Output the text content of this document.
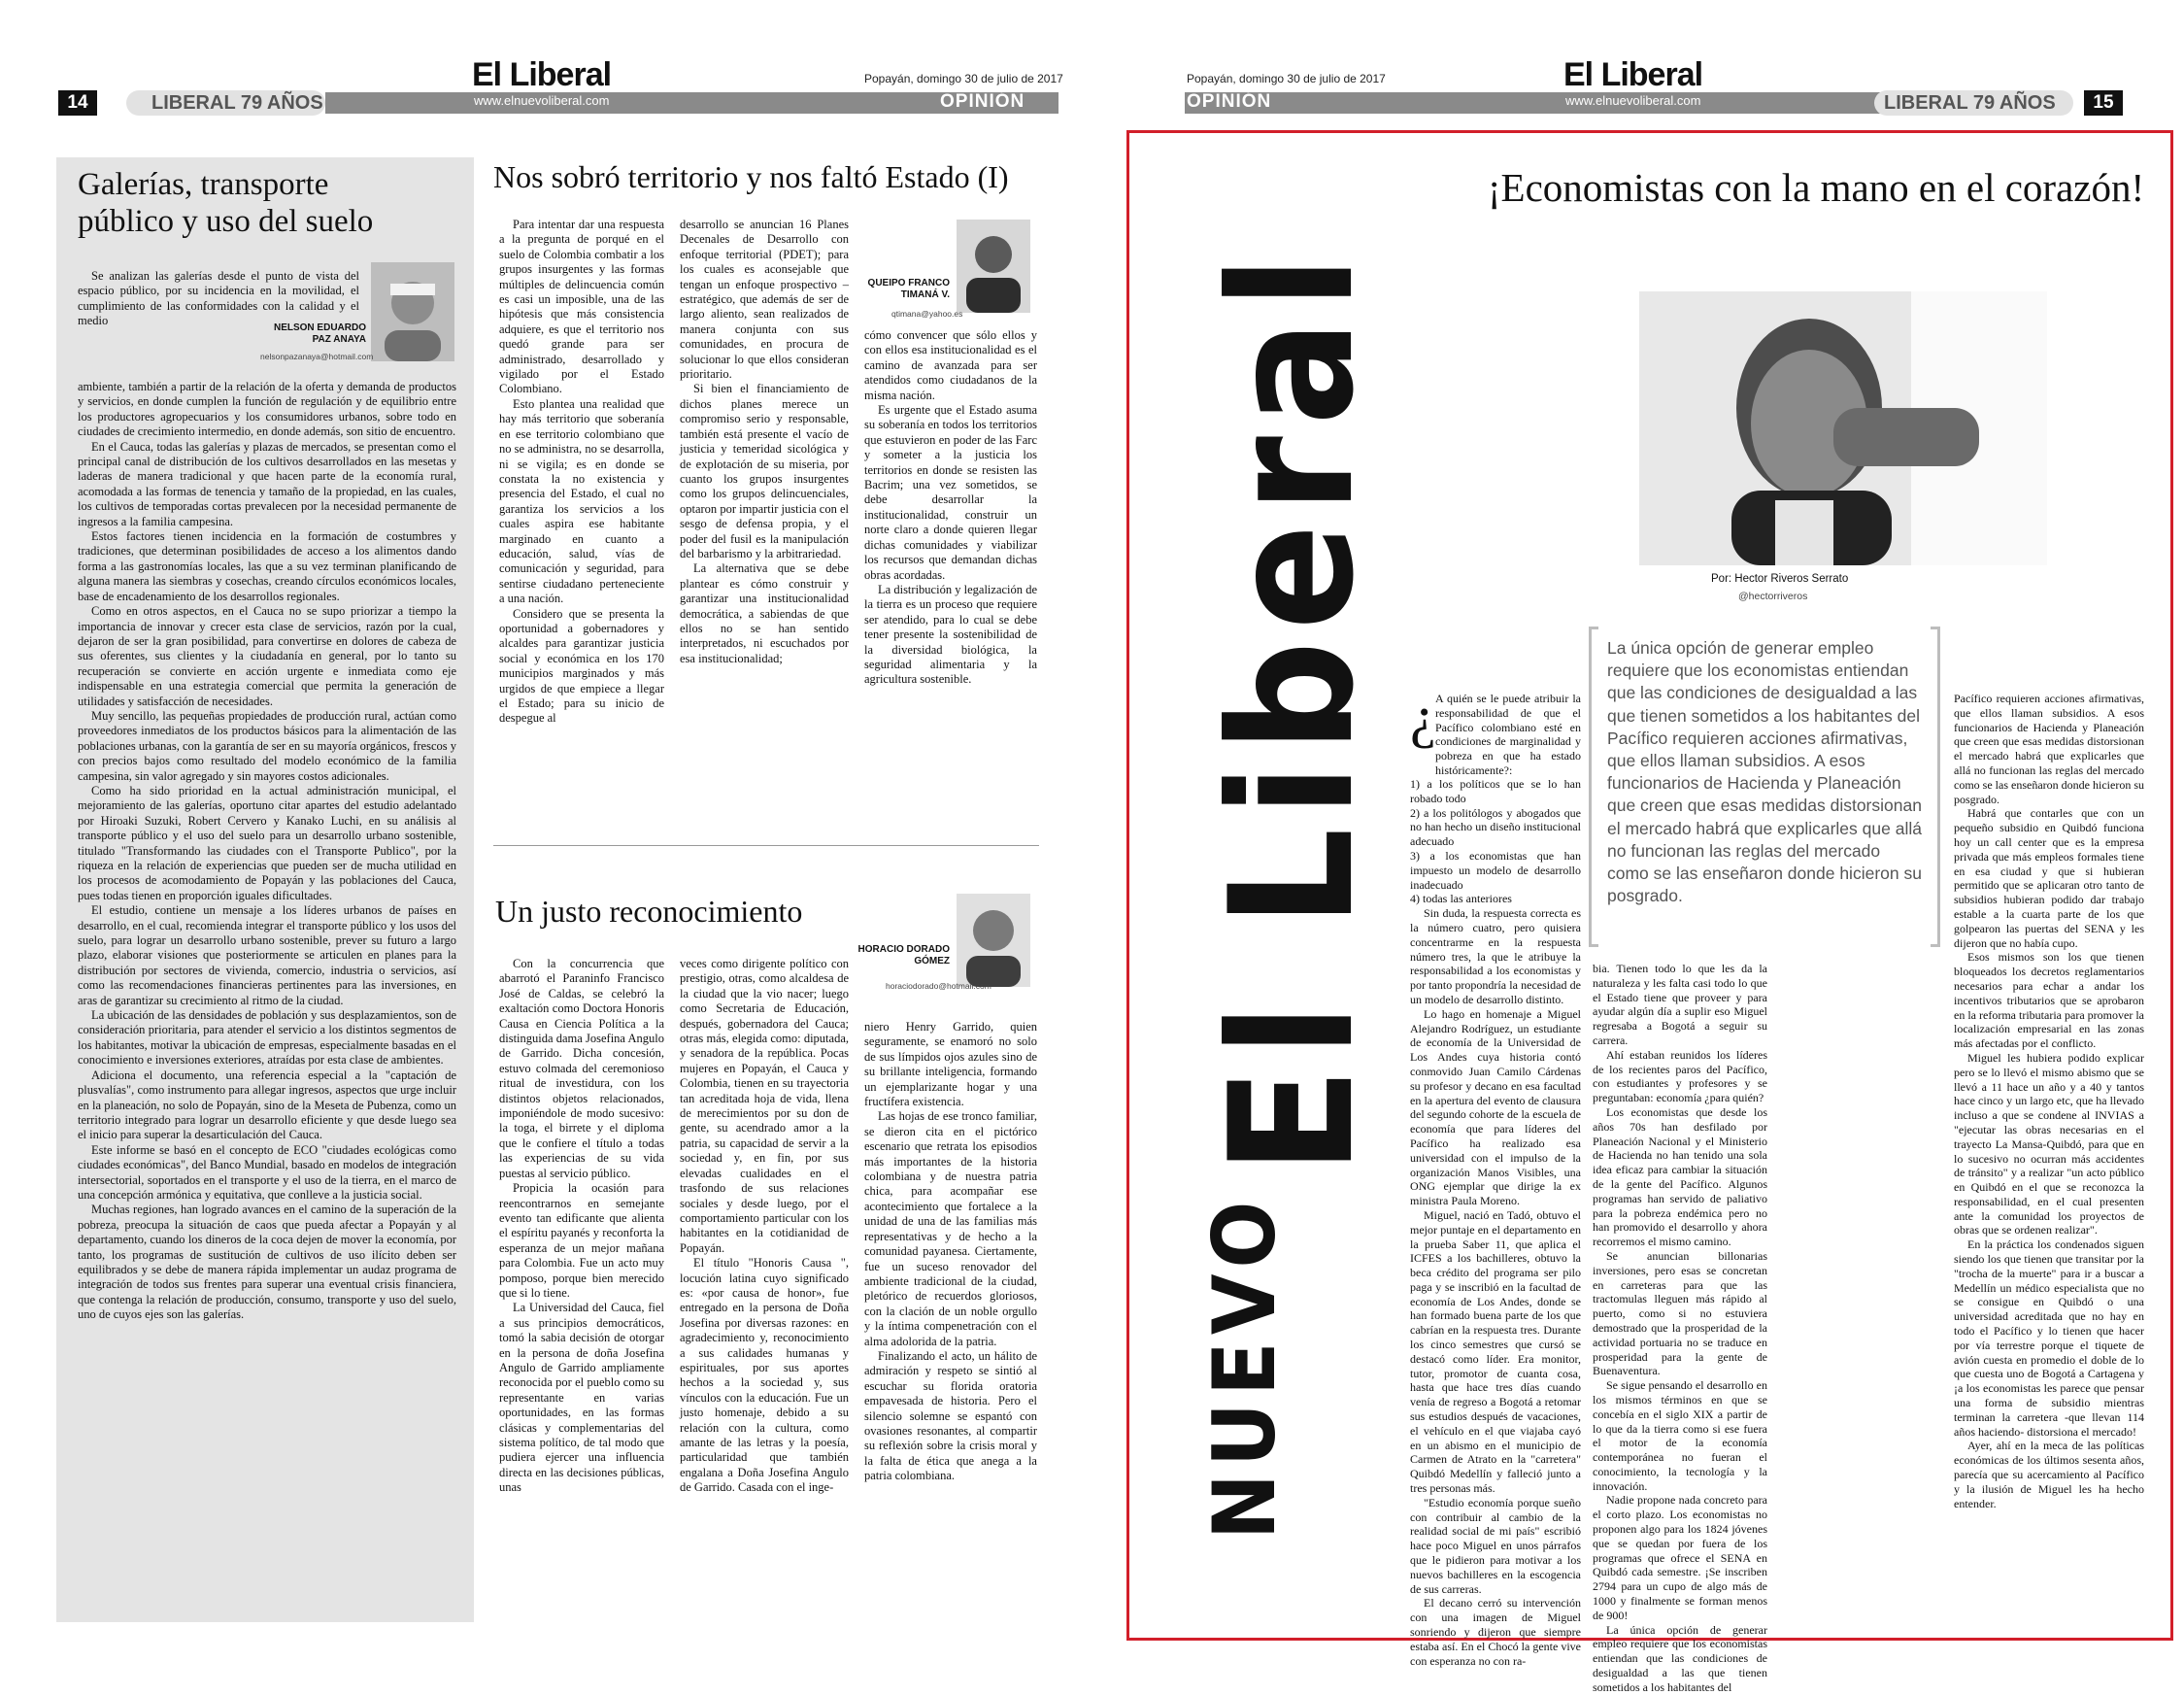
LIBERAL 79 AÑOS
14	www.elnuevoliberal.com	OPINIÓN
El Liberal	Popayán, domingo 30 de julio de 2017
Galerías, transporte público y uso del suelo
NELSON EDUARDO PAZ ANAYA
nelsonpazanaya@hotmail.com

Se analizan las galerías desde el punto de vista del espacio público, por su incidencia en la movilidad, el cumplimiento de las conformidades con la calidad y el medio

ambiente, también a partir de la relación de la oferta y demanda de productos y servicios, en donde cumplen la función de regulación y de equilibrio entre los productores agropecuarios y los consumidores urbanos, sobre todo en ciudades de crecimiento intermedio, en donde además, son sitio de encuentro.

En el Cauca, todas las galerías y plazas de mercados, se presentan como el principal canal de distribución de los cultivos desarrollados en las mesetas y laderas de manera tradicional y que hacen parte de la economía rural, acomodada a las formas de tenencia y tamaño de la propiedad, en las cuales, los cultivos de temporadas cortas prevalecen por la necesidad permanente de ingresos a la familia campesina.

Estos factores tienen incidencia en la formación de costumbres y tradiciones, que determinan posibilidades de acceso a los alimentos dando forma a las gastronomías locales, las que a su vez terminan planificando de alguna manera las siembras y cosechas, creando círculos económicos locales, base de encadenamiento de los desarrollos regionales.

Como en otros aspectos, en el Cauca no se supo priorizar a tiempo la importancia de innovar y crecer esta clase de servicios, razón por la cual, dejaron de ser la gran posibilidad, para convertirse en dolores de cabeza de sus oferentes, sus clientes y la ciudadanía en general, por lo tanto su recuperación se convierte en acción urgente e inmediata como eje indispensable en una estrategia comercial que permita la generación de utilidades y satisfacción de necesidades.

Muy sencillo, las pequeñas propiedades de producción rural, actúan como proveedores inmediatos de los productos básicos para la alimentación de las poblaciones urbanas, con la garantía de ser en su mayoría orgánicos, frescos y con precios bajos como resultado del modelo económico de la familia campesina, sin valor agregado y sin mayores costos adicionales.

Como ha sido prioridad en la actual administración municipal, el mejoramiento de las galerías, oportuno citar apartes del estudio adelantado por Hiroaki Suzuki, Robert Cervero y Kanako Luchi, en su análisis al transporte público y el uso del suelo para un desarrollo urbano sostenible, titulado "Transformando las ciudades con el Transporte Publico", por la riqueza en la relación de experiencias que pueden ser de mucha utilidad en los procesos de acomodamiento de Popayán y las poblaciones del Cauca, pues todas tienen en proporción iguales dificultades.

El estudio, contiene un mensaje a los líderes urbanos de países en desarrollo, en el cual, recomienda integrar el transporte público y los usos del suelo, para lograr un desarrollo urbano sostenible, prever su futuro a largo plazo, elaborar visiones que posteriormente se articulen en planes para la distribución por sectores de vivienda, comercio, industria o servicios, así como las recomendaciones financieras pertinentes para las inversiones, en aras de garantizar su crecimiento al ritmo de la ciudad.

La ubicación de las densidades de población y sus desplazamientos, son de consideración prioritaria, para atender el servicio a los distintos segmentos de los habitantes, motivar la ubicación de empresas, especialmente basadas en el conocimiento e inversiones exteriores, atraídas por esta clase de ambientes.

Adiciona el documento, una referencia especial a la "captación de plusvalías", como instrumento para allegar ingresos, aspectos que urge incluir en la planeación, no solo de Popayán, sino de la Meseta de Pubenza, como un territorio integrado para lograr un desarrollo eficiente y que desde luego sea el inicio para superar la desarticulación del Cauca.

Este informe se basó en el concepto de ECO "ciudades ecológicas como ciudades económicas", del Banco Mundial, basado en modelos de integración intersectorial, soportados en el transporte y el uso de la tierra, en el marco de una concepción armónica y equitativa, que conlleve a la justicia social.

Muchas regiones, han logrado avances en el camino de la superación de la pobreza, preocupa la situación de caos que pueda afectar a Popayán y al departamento, cuando los dineros de la coca dejen de mover la economía, por tanto, los programas de sustitución de cultivos de uso ilícito deben ser equilibrados y se debe de manera rápida implementar un audaz programa de integración de todos sus frentes para superar una eventual crisis financiera, que contenga la relación de producción, consumo, transporte y uso del suelo, uno de cuyos ejes son las galerías.

Nos sobró territorio y nos faltó Estado (I)
QUEIPO FRANCO TIMANÁ V.
qtimana@yahoo.es

Para intentar dar una respuesta a la pregunta de porqué en el suelo de Colombia combatir a los grupos insurgentes y las formas múltiples de delincuencia común es casi un imposible, una de las hipótesis que más consistencia adquiere, es que el territorio nos quedó grande para ser administrado, desarrollado y vigilado por el Estado Colombiano.

Esto plantea una realidad que hay más territorio que soberanía en ese territorio colombiano que no se administra, no se desarrolla, ni se vigila; es en donde se constata la no existencia y presencia del Estado, el cual no garantiza los servicios a los cuales aspira ese habitante marginado en cuanto a educación, salud, vías de comunicación y seguridad, para sentirse ciudadano perteneciente a una nación.

Considero que se presenta la oportunidad a gobernadores y alcaldes para garantizar justicia social y económica en los 170 municipios marginados y más urgidos de que empiece a llegar el Estado; para su inicio de despegue al

desarrollo se anuncian 16 Planes Decenales de Desarrollo con enfoque territorial (PDET); para los cuales es aconsejable que tengan un enfoque prospectivo – estratégico, que además de ser de largo aliento, sean realizados de manera conjunta con sus comunidades, en procura de solucionar lo que ellos consideran prioritario.

Si bien el financiamiento de dichos planes merece un compromiso serio y responsable, también está presente el vacío de justicia y temeridad sicológica y de explotación de su miseria, por cuanto los grupos insurgentes como los grupos delincuenciales, optaron por impartir justicia con el sesgo de defensa propia, y el poder del fusil es la manipulación del barbarismo y la arbitrariedad.

La alternativa que se debe plantear es cómo construir y garantizar una institucionalidad democrática, a sabiendas de que ellos no se han sentido interpretados, ni escuchados por esa institucionalidad;

cómo convencer que sólo ellos y con ellos esa institucionalidad es el camino de avanzada para ser atendidos como ciudadanos de la misma nación.

Es urgente que el Estado asuma su soberanía en todos los territorios que estuvieron en poder de las Farc y someter a la justicia los territorios en donde se resisten las Bacrim; una vez sometidos, se debe desarrollar la institucionalidad, construir un norte claro a donde quieren llegar dichas comunidades y viabilizar los recursos que demandan dichas obras acordadas.

La distribución y legalización de la tierra es un proceso que requiere ser atendido, para lo cual se debe tener presente la sostenibilidad de la diversidad biológica, la seguridad alimentaria y la agricultura sostenible.

Un justo reconocimiento
HORACIO DORADO GÓMEZ
horaciodorado@hotmail.com

Con la concurrencia que abarrotó el Paraninfo Francisco José de Caldas, se celebró la exaltación como Doctora Honoris Causa en Ciencia Política a la distinguida dama Josefina Angulo de Garrido. Dicha concesión, estuvo colmada del ceremonioso ritual de investidura, con los distintos objetos relacionados, imponiéndole de modo sucesivo: la toga, el birrete y el diploma que le confiere el título a todas las experiencias de su vida puestas al servicio público.

Propicia la ocasión para reencontrarnos en semejante evento tan edificante que alienta el espíritu payanés y reconforta la esperanza de un mejor mañana para Colombia. Fue un acto muy pomposo, porque bien merecido que si lo tiene.

La Universidad del Cauca, fiel a sus principios democráticos, tomó la sabia decisión de otorgar en la persona de doña Josefina Angulo de Garrido ampliamente reconocida por el pueblo como su representante en varias oportunidades, en las formas clásicas y complementarias del sistema político, de tal modo que pudiera ejercer una influencia directa en las decisiones públicas, unas

veces como dirigente político con prestigio, otras, como alcaldesa de la ciudad que la vio nacer; luego como Secretaria de Educación, después, gobernadora del Cauca; otras más, elegida como: diputada, y senadora de la república. Pocas mujeres en Popayán, el Cauca y Colombia, tienen en su trayectoria tan acreditada hoja de vida, llena de merecimientos por su don de gente, su acendrado amor a la patria, su capacidad de servir a la sociedad y, en fin, por sus elevadas cualidades en el trasfondo de sus relaciones sociales y desde luego, por el comportamiento particular con los habitantes en la cotidianidad de Popayán.

El título "Honoris Causa ", locución latina cuyo significado es: «por causa de honor», fue entregado en la persona de Doña Josefina por diversas razones: en agradecimiento y, reconocimiento a sus calidades humanas y espirituales, por sus aportes hechos a la sociedad y, sus vínculos con la educación. Fue un justo homenaje, debido a su relación con la cultura, como amante de las letras y la poesía, particularidad que también engalana a Doña Josefina Angulo de Garrido. Casada con el inge-

niero Henry Garrido, quien seguramente, se enamoró no solo de sus límpidos ojos azules sino de su brillante inteligencia, formando un ejemplarizante hogar y una fructífera existencia.

Las hojas de ese tronco familiar, se dieron cita en el pictórico escenario que retrata los episodios más importantes de la historia colombiana y de nuestra patria chica, para acompañar ese acontecimiento que fortalece a la unidad de una de las familias más representativas y de hecho a la comunidad payanesa. Ciertamente, fue un suceso renovador del ambiente tradicional de la ciudad, pletórico de recuerdos gloriosos, con la clación de un noble orgullo y la íntima compenetración con el alma adolorida de la patria.

Finalizando el acto, un hálito de admiración y respeto se sintió al escuchar su florida oratoria empavesada de historia. Pero el silencio solemne se espantó con ovasiones resonantes, al compartir su reflexión sobre la crisis moral y la falta de ética que anega a la patria colombiana.

OPINIÓN	www.elnuevoliberal.com	LIBERAL 79 AÑOS	15
El Liberal
Popayán, domingo 30 de julio de 2017
$^{NUEVO}$El Liberal
¡Economistas con la mano en el corazón!
Por: Hector Riveros Serrato
@hectorriveros
La única opción de generar empleo requiere que los economistas entiendan que las condiciones de desigualdad a las que tienen sometidos a los habitantes del Pacífico requieren acciones afirmativas, que ellos llaman subsidios. A esos funcionarios de Hacienda y Planeación que creen que esas medidas distorsionan el mercado habrá que explicarles que allá no funcionan las reglas del mercado como se las enseñaron donde hicieron su posgrado.
¿ A quién se le puede atribuir la responsabilidad de que el Pacífico colombiano esté en condiciones de marginalidad y pobreza en que ha estado históricamente?:

1) a los políticos que se lo han robado todo

2) a los politólogos y abogados que no han hecho un diseño institucional adecuado

3) a los economistas que han impuesto un modelo de desarrollo inadecuado

4) todas las anteriores

Sin duda, la respuesta correcta es la número cuatro, pero quisiera concentrarme en la respuesta número tres, la que le atribuye la responsabilidad a los economistas y por tanto propondría la necesidad de un modelo de desarrollo distinto.

Lo hago en homenaje a Miguel Alejandro Rodríguez, un estudiante de economía de la Universidad de Los Andes cuya historia contó conmovido Juan Camilo Cárdenas su profesor y decano en esa facultad en la apertura del evento de clausura del segundo cohorte de la escuela de economía que para líderes del Pacífico ha realizado esa universidad con el impulso de la organización Manos Visibles, una ONG ejemplar que dirige la ex ministra Paula Moreno.

Miguel, nació en Tadó, obtuvo el mejor puntaje en el departamento en la prueba Saber 11, que aplica el ICFES a los bachilleres, obtuvo la beca crédito del programa ser pilo paga y se inscribió en la facultad de economía de Los Andes, donde se han formado buena parte de los que cabrían en la respuesta tres. Durante los cinco semestres que cursó se destacó como líder. Era monitor, tutor, promotor de cuanta cosa, hasta que hace tres días cuando venía de regreso a Bogotá a retomar sus estudios después de vacaciones, el vehículo en el que viajaba cayó en un abismo en el municipio de Carmen de Atrato en la "carretera" Quibdó Medellín y falleció junto a tres personas más.

"Estudio economía porque sueño con contribuir al cambio de la realidad social de mi país" escribió hace poco Miguel en unos párrafos que le pidieron para motivar a los nuevos bachilleres en la escogencia de sus carreras.

El decano cerró su intervención con una imagen de Miguel sonriendo y dijeron que siempre estaba así. En el Chocó la gente vive con esperanza no con ra-

bia. Tienen todo lo que les da la naturaleza y les falta casi todo lo que el Estado tiene que proveer y para ayudar algún día a suplir eso Miguel regresaba a Bogotá a seguir su carrera.

Ahí estaban reunidos los líderes de los recientes paros del Pacífico, con estudiantes y profesores y se preguntaban: economía ¿para quién?

Los economistas que desde los años 70s han desfilado por Planeación Nacional y el Ministerio de Hacienda no han tenido una sola idea eficaz para cambiar la situación de la gente del Pacífico. Algunos programas han servido de paliativo para la pobreza endémica pero no han promovido el desarrollo y ahora recorremos el mismo camino.

Se anuncian billonarias inversiones, pero esas se concretan en carreteras para que las tractomulas lleguen más rápido al puerto, como si no estuviera demostrado que la prosperidad de la actividad portuaria no se traduce en prosperidad para la gente de Buenaventura.

Se sigue pensando el desarrollo en los mismos términos en que se concebía en el siglo XIX a partir de lo que da la tierra como si ese fuera el motor de la economía contemporánea no fueran el conocimiento, la tecnología y la innovación.

Nadie propone nada concreto para el corto plazo. Los economistas no proponen algo para los 1824 jóvenes que se quedan por fuera de los programas que ofrece el SENA en Quibdó cada semestre. ¡Se inscriben 2794 para un cupo de algo más de 1000 y finalmente se forman menos de 900!

La única opción de generar empleo requiere que los economistas entiendan que las condiciones de desigualdad a las que tienen sometidos a los habitantes del

Pacífico requieren acciones afirmativas, que ellos llaman subsidios. A esos funcionarios de Hacienda y Planeación que creen que esas medidas distorsionan el mercado habrá que explicarles que allá no funcionan las reglas del mercado como se las enseñaron donde hicieron su posgrado.

Habrá que contarles que con un pequeño subsidio en Quibdó funciona hoy un call center que es la empresa privada que más empleos formales tiene en esa ciudad y que si hubieran permitido que se aplicaran otro tanto de subsidios hubieran podido dar trabajo estable a la cuarta parte de los que golpearon las puertas del SENA y les dijeron que no había cupo.

Esos mismos son los que tienen bloqueados los decretos reglamentarios necesarios para echar a andar los incentivos tributarios que se aprobaron en la reforma tributaria para promover la localización empresarial en las zonas más afectadas por el conflicto.

Miguel les hubiera podido explicar pero se lo llevó el mismo abismo que se llevó a 11 hace un año y a 40 y tantos hace cinco y un largo etc, que ha llevado incluso a que se condene al INVIAS a "ejecutar las obras necesarias en el trayecto La Mansa-Quibdó, para que en lo sucesivo no ocurran más accidentes de tránsito" y a realizar "un acto público en Quibdó en el que se reconozca la responsabilidad, en el cual presenten ante la comunidad los proyectos de obras que se ordenen realizar".

En la práctica los condenados siguen siendo los que tienen que transitar por la "trocha de la muerte" para ir a buscar a Medellín un médico especialista que no se consigue en Quibdó o una universidad acreditada que no hay en todo el Pacífico y lo tienen que hacer por vía terrestre porque el tiquete de avión cuesta en promedio el doble de lo que cuesta uno de Bogotá a Cartagena y ¡a los economistas les parece que pensar una forma de subsidio mientras terminan la carretera -que llevan 114 años haciendo- distorsiona el mercado!

Ayer, ahí en la meca de las políticas económicas de los últimos sesenta años, parecía que su acercamiento al Pacífico y la ilusión de Miguel les ha hecho entender.
